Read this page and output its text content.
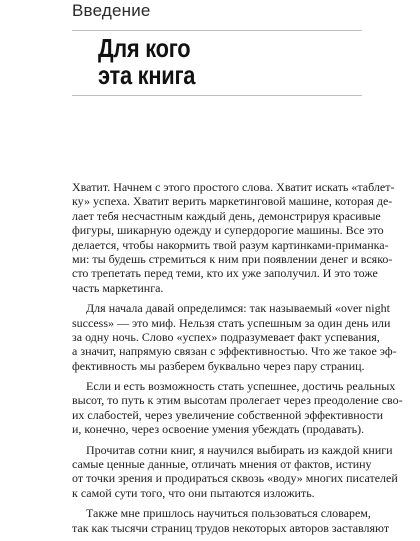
Введение
Для кого
эта книга
Хватит. Начнем с этого простого слова. Хватит искать «таблет-
ку» успеха. Хватит верить маркетинговой машине, которая де-
лает тебя несчастным каждый день, демонстрируя красивые
фигуры, шикарную одежду и супердорогие машины. Все это
делается, чтобы накормить твой разум картинками-приманка-
ми: ты будешь стремиться к ним при появлении денег и всяко-
сто трепетать перед теми, кто их уже заполучил. И это тоже
часть маркетинга.
Для начала давай определимся: так называемый «over night
success» — это миф. Нельзя стать успешным за один день или
за одну ночь. Слово «успех» подразумевает факт успевания,
а значит, напрямую связан с эффективностью. Что же такое эф-
фективность мы разберем буквально через пару страниц.
Если и есть возможность стать успешнее, достичь реальных
высот, то путь к этим высотам пролегает через преодоление сво-
их слабостей, через увеличение собственной эффективности
и, конечно, через освоение умения убеждать (продавать).
Прочитав сотни книг, я научился выбирать из каждой книги
самые ценные данные, отличать мнения от фактов, истину
от точки зрения и продираться сквозь «воду» многих писателей
к самой сути того, что они пытаются изложить.
Также мне пришлось научиться пользоваться словарем,
так как тысячи страниц трудов некоторых авторов заставляют
